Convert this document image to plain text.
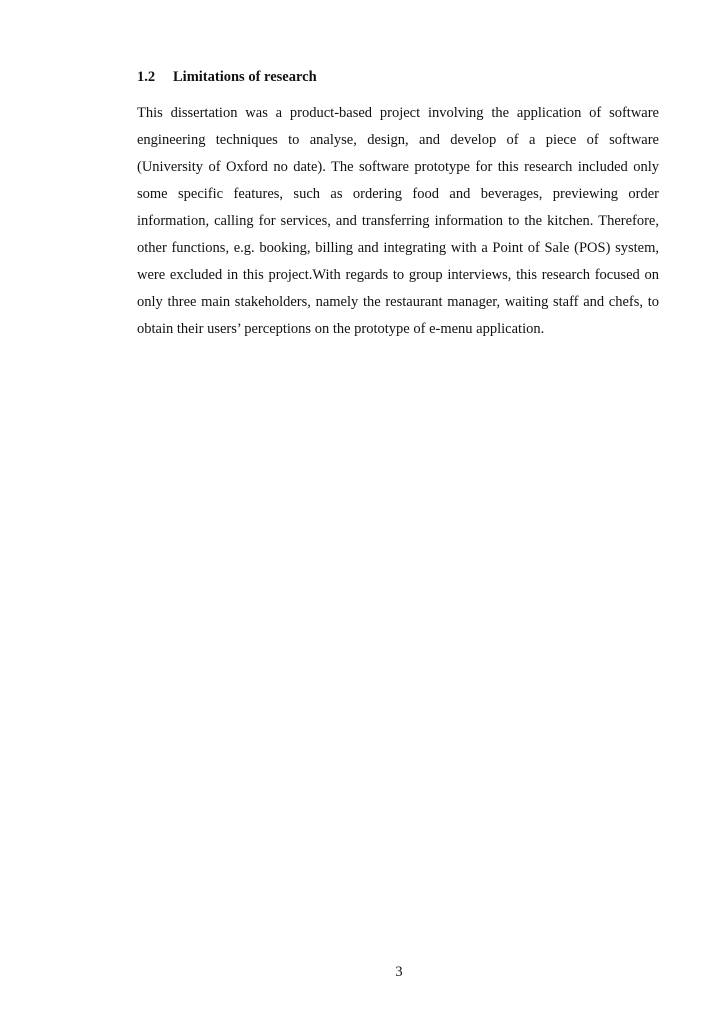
1.2 Limitations of research
This dissertation was a product-based project involving the application of software
engineering techniques to analyse, design, and develop of a piece of software
(University of Oxford no date). The software prototype for this research included only
some specific features, such as ordering food and beverages, previewing order
information, calling for services, and transferring information to the kitchen. Therefore,
other functions, e.g. booking, billing and integrating with a Point of Sale (POS) system,
were excluded in this project.With regards to group interviews, this research focused on
only three main stakeholders, namely the restaurant manager, waiting staff and chefs, to
obtain their users’ perceptions on the prototype of e-menu application.
3
